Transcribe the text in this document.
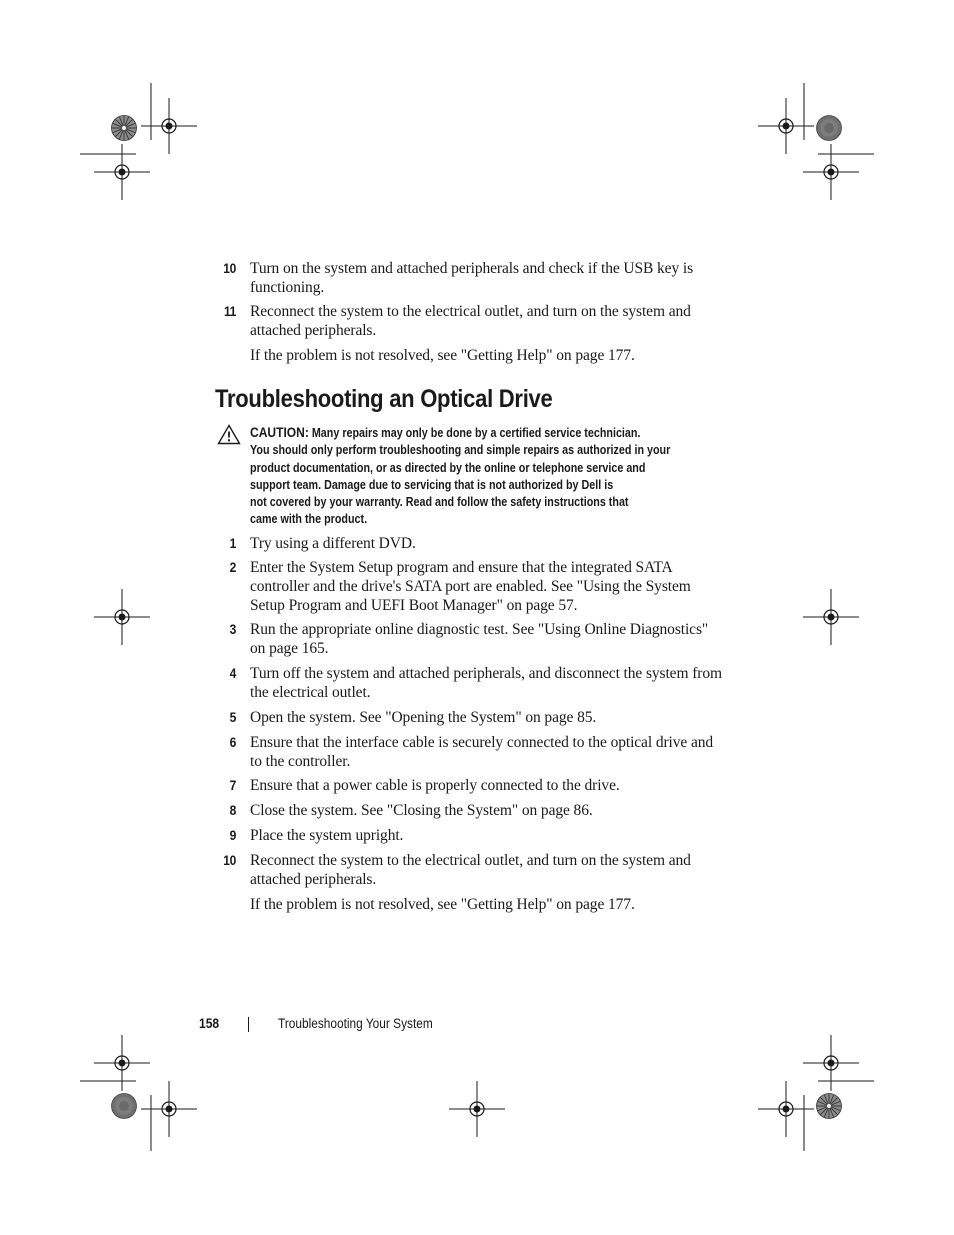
10 Turn on the system and attached peripherals and check if the USB key is functioning.
11 Reconnect the system to the electrical outlet, and turn on the system and attached peripherals.
If the problem is not resolved, see "Getting Help" on page 177.
Troubleshooting an Optical Drive
CAUTION: Many repairs may only be done by a certified service technician.
You should only perform troubleshooting and simple repairs as authorized in your
product documentation, or as directed by the online or telephone service and
support team. Damage due to servicing that is not authorized by Dell is
not covered by your warranty. Read and follow the safety instructions that
came with the product.
1 Try using a different DVD.
2 Enter the System Setup program and ensure that the integrated SATA controller and the drive's SATA port are enabled. See "Using the System Setup Program and UEFI Boot Manager" on page 57.
3 Run the appropriate online diagnostic test. See "Using Online Diagnostics" on page 165.
4 Turn off the system and attached peripherals, and disconnect the system from the electrical outlet.
5 Open the system. See "Opening the System" on page 85.
6 Ensure that the interface cable is securely connected to the optical drive and to the controller.
7 Ensure that a power cable is properly connected to the drive.
8 Close the system. See "Closing the System" on page 86.
9 Place the system upright.
10 Reconnect the system to the electrical outlet, and turn on the system and attached peripherals.
If the problem is not resolved, see "Getting Help" on page 177.
158	Troubleshooting Your System
